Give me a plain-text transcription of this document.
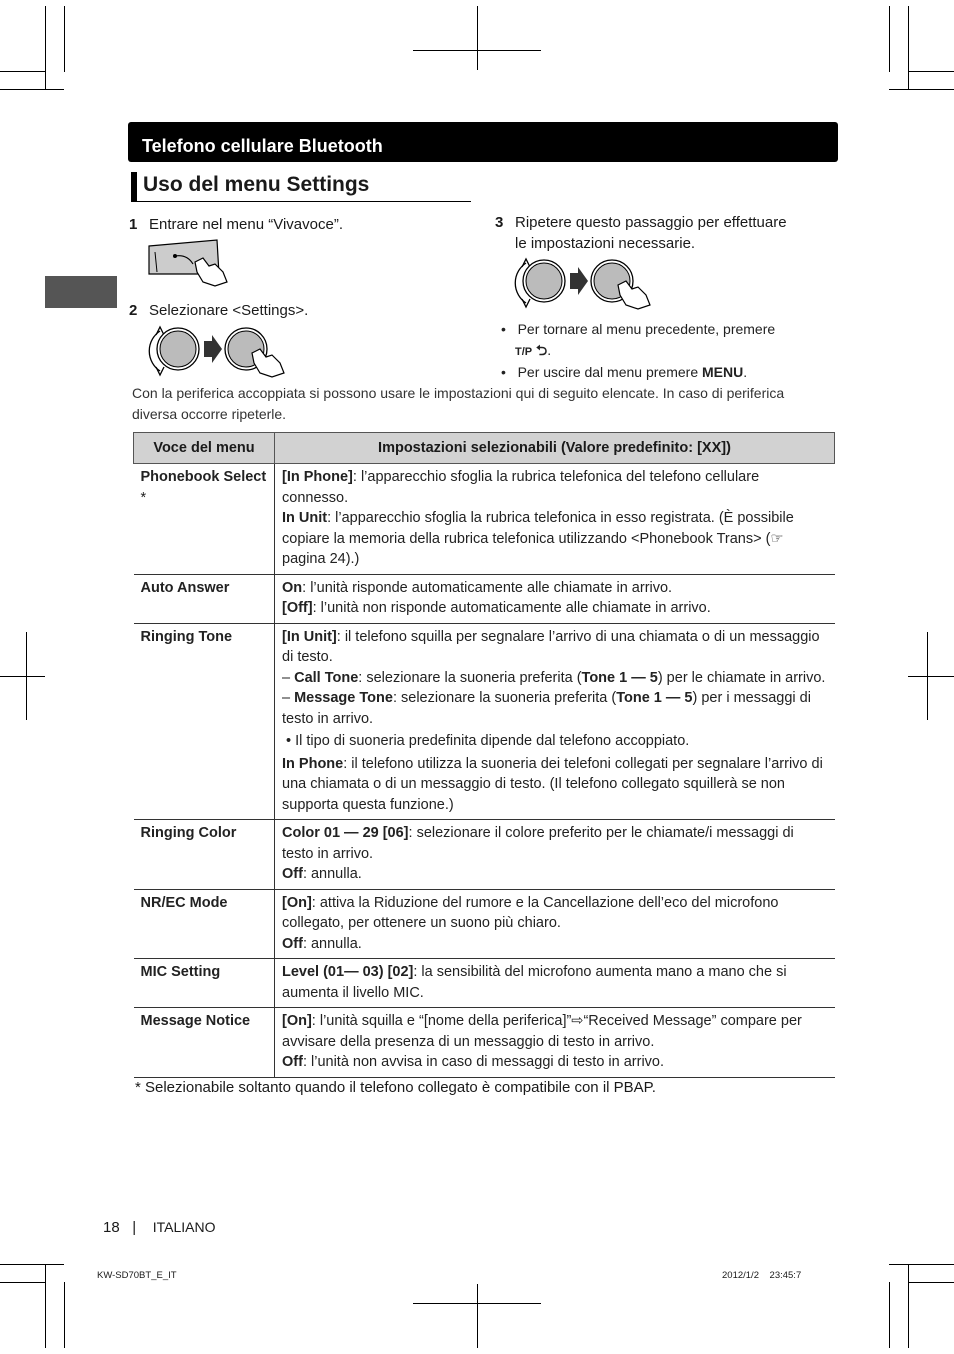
Telefono cellulare Bluetooth
Uso del menu Settings
1 Entrare nel menu “Vivavoce”.
2 Selezionare <Settings>.
3 Ripetere questo passaggio per effettuare
le impostazioni necessarie.
•   Per tornare al menu precedente, premere
T/P ⮌.
•   Per uscire dal menu premere MENU.
Con la periferica accoppiata si possono usare le impostazioni qui di seguito elencate. In caso di periferica diversa occorre ripeterle.
Voce del menu	Impostazioni selezionabili (Valore predefinito: [XX])
Phonebook Select *	[In Phone]: l’apparecchio sfoglia la rubrica telefonica del telefono cellulare connesso.
In Unit: l’apparecchio sfoglia la rubrica telefonica in esso registrata. (È possibile copiare la memoria della rubrica telefonica utilizzando <Phonebook Trans> (☞ pagina 24).)

Auto Answer	On: l’unità risponde automaticamente alle chiamate in arrivo.
[Off]: l’unità non risponde automaticamente alle chiamate in arrivo.

Ringing Tone	[In Unit]: il telefono squilla per segnalare l’arrivo di una chiamata o di un messaggio di testo.
– Call Tone: selezionare la suoneria preferita (Tone 1 — 5) per le chiamate in arrivo.
– Message Tone: selezionare la suoneria preferita (Tone 1 — 5) per i messaggi di testo in arrivo.
• Il tipo di suoneria predefinita dipende dal telefono accoppiato.
In Phone: il telefono utilizza la suoneria dei telefoni collegati per segnalare l’arrivo di una chiamata o di un messaggio di testo. (Il telefono collegato squillerà se non supporta questa funzione.)

Ringing Color	Color 01 — 29 [06]: selezionare il colore preferito per le chiamate/i messaggi di testo in arrivo.
Off: annulla.

NR/EC Mode	[On]: attiva la Riduzione del rumore e la Cancellazione dell’eco del microfono collegato, per ottenere un suono più chiaro.
Off: annulla.

MIC Setting	Level (01— 03) [02]: la sensibilità del microfono aumenta mano a mano che si aumenta il livello MIC.

Message Notice	[On]: l’unità squilla e “[nome della periferica]”⇨“Received Message” compare per avvisare della presenza di un messaggio di testo in arrivo.
Off: l’unità non avvisa in caso di messaggi di testo in arrivo.
* Selezionabile soltanto quando il telefono collegato è compatibile con il PBAP.
18   |    ITALIANO
KW-SD70BT_E_IT	2012/1/2    23:45:7
